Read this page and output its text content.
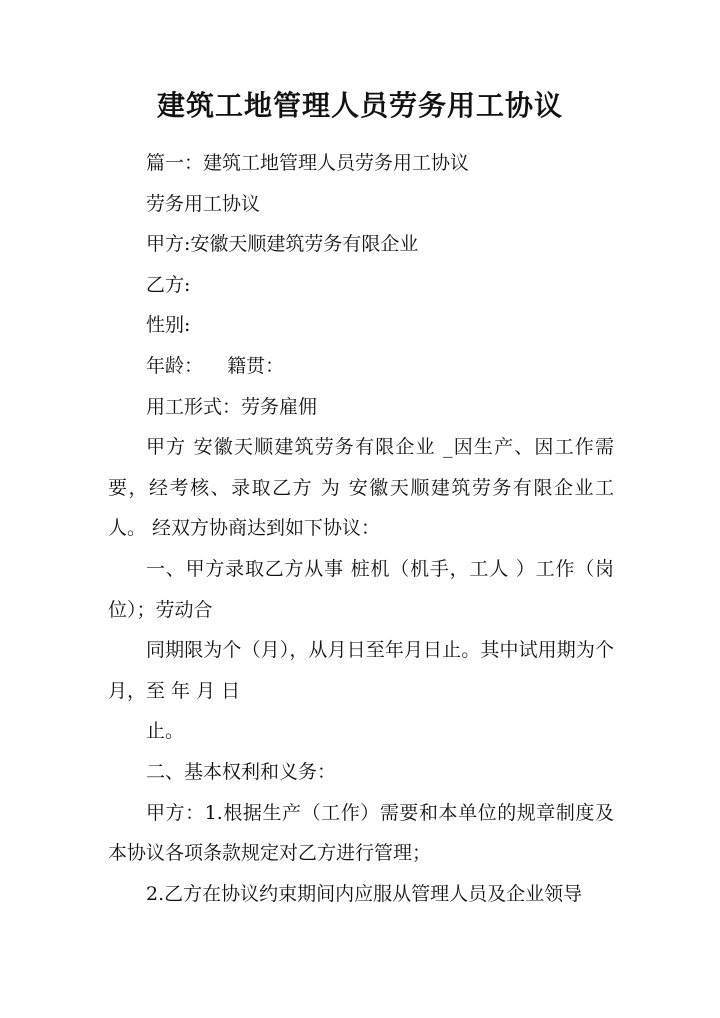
建筑工地管理人员劳务用工协议

篇一：建筑工地管理人员劳务用工协议

劳务用工协议

甲方:安徽天顺建筑劳务有限企业

乙方:

性别:

年龄：    籍贯：

用工形式：劳务雇佣

甲方 安徽天顺建筑劳务有限企业 _因生产、因工作需要，经考核、录取乙方 为 安徽天顺建筑劳务有限企业工人。 经双方协商达到如下协议：

一、甲方录取乙方从事 桩机（机手，工人 ）工作（岗位）；劳动合

同期限为个（月），从月日至年月日止。其中试用期为个月，至 年 月 日

止。

二、基本权利和义务：

甲方：1.根据生产（工作）需要和本单位的规章制度及本协议各项条款规定对乙方进行管理；

2.乙方在协议约束期间内应服从管理人员及企业领导
